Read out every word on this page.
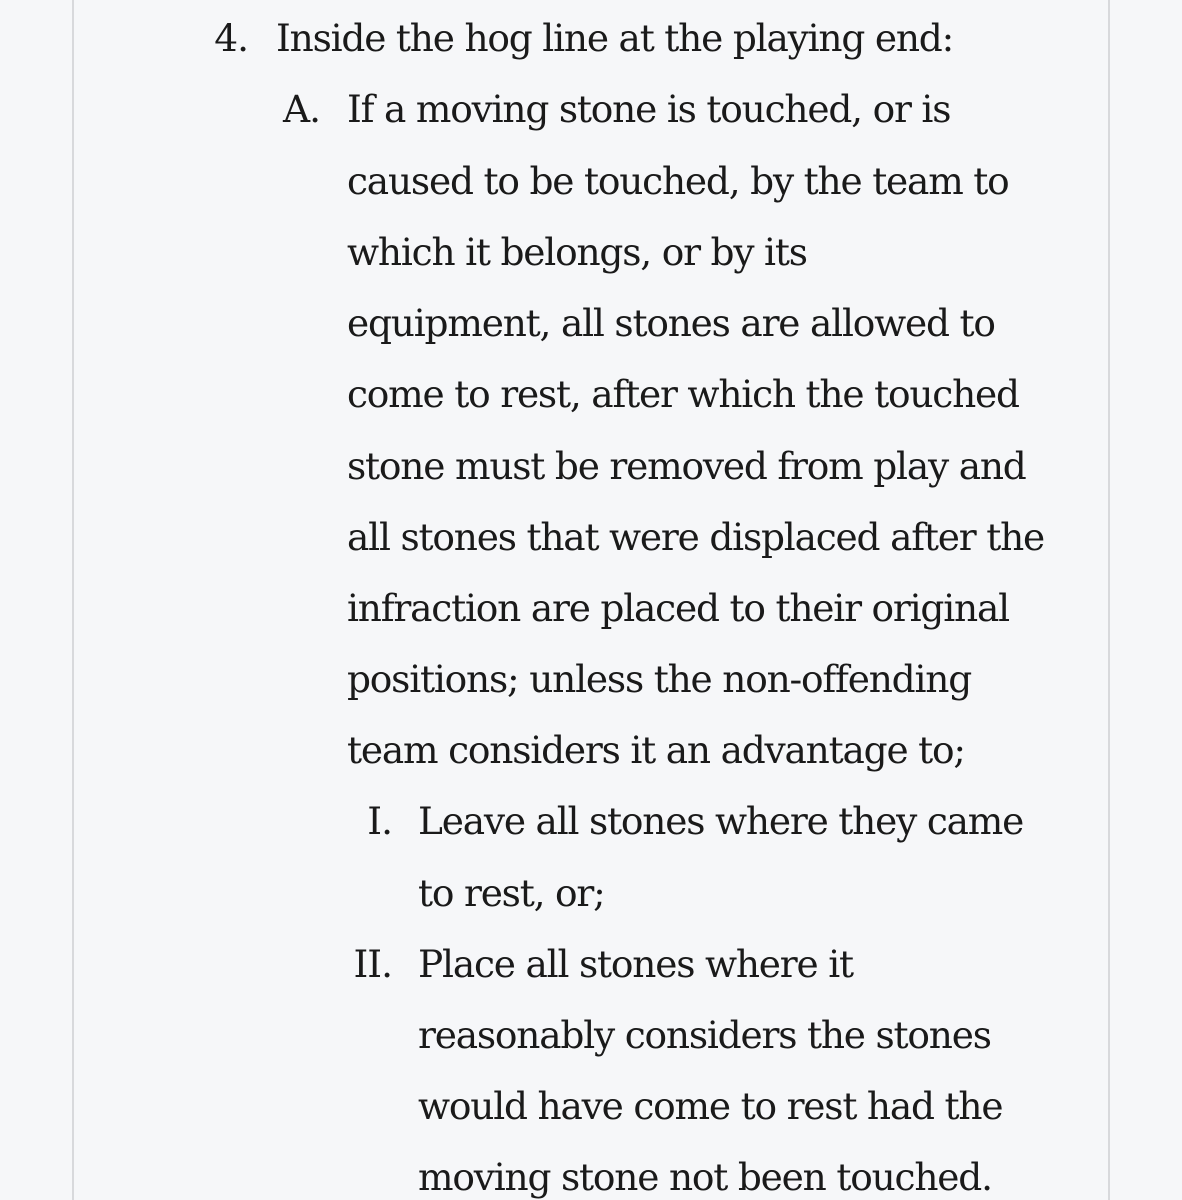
4. Inside the hog line at the playing end:
A. If a moving stone is touched, or is
caused to be touched, by the team to
which it belongs, or by its
equipment, all stones are allowed to
come to rest, after which the touched
stone must be removed from play and
all stones that were displaced after the
infraction are placed to their original
positions; unless the non-offending
team considers it an advantage to;
I. Leave all stones where they came
to rest, or;
II. Place all stones where it
reasonably considers the stones
would have come to rest had the
moving stone not been touched.
